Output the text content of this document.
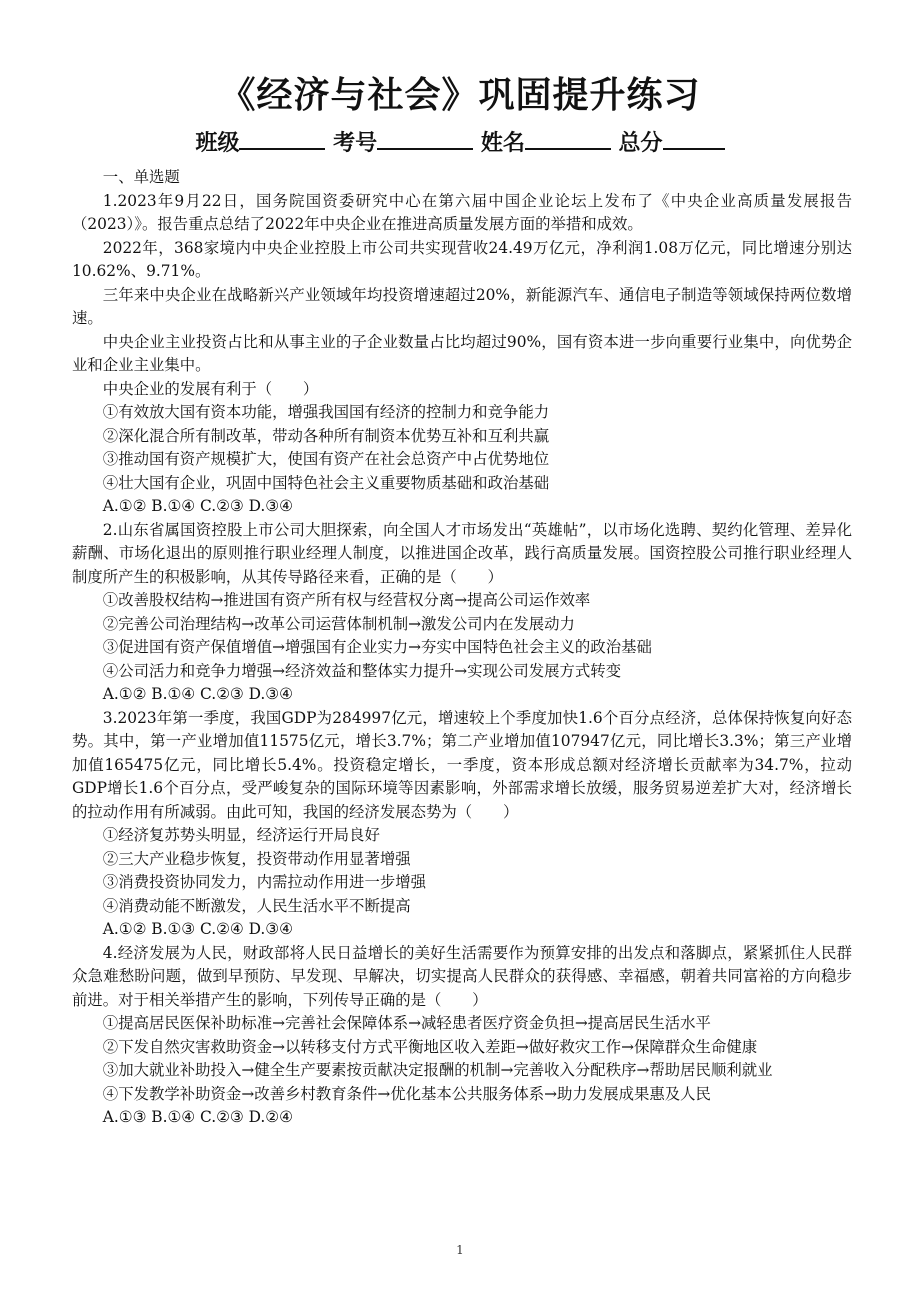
《经济与社会》巩固提升练习
班级	考号	姓名	总分

一、单选题

1.2023年9月22日，国务院国资委研究中心在第六届中国企业论坛上发布了《中央企业高质量发展报告（2023）》。报告重点总结了2022年中央企业在推进高质量发展方面的举措和成效。

2022年，368家境内中央企业控股上市公司共实现营收24.49万亿元，净利润1.08万亿元，同比增速分别达10.62%、9.71%。

三年来中央企业在战略新兴产业领域年均投资增速超过20%，新能源汽车、通信电子制造等领域保持两位数增速。

中央企业主业投资占比和从事主业的子企业数量占比均超过90%，国有资本进一步向重要行业集中，向优势企业和企业主业集中。

中央企业的发展有利于（　　）

①有效放大国有资本功能，增强我国国有经济的控制力和竞争能力

②深化混合所有制改革，带动各种所有制资本优势互补和互利共赢

③推动国有资产规模扩大，使国有资产在社会总资产中占优势地位

④壮大国有企业，巩固中国特色社会主义重要物质基础和政治基础

A.①② B.①④ C.②③ D.③④

2.山东省属国资控股上市公司大胆探索，向全国人才市场发出“英雄帖”，以市场化选聘、契约化管理、差异化薪酬、市场化退出的原则推行职业经理人制度，以推进国企改革，践行高质量发展。国资控股公司推行职业经理人制度所产生的积极影响，从其传导路径来看，正确的是（　　）

①改善股权结构→推进国有资产所有权与经营权分离→提高公司运作效率

②完善公司治理结构→改革公司运营体制机制→激发公司内在发展动力

③促进国有资产保值增值→增强国有企业实力→夯实中国特色社会主义的政治基础

④公司活力和竞争力增强→经济效益和整体实力提升→实现公司发展方式转变

A.①② B.①④ C.②③ D.③④

3.2023年第一季度，我国GDP为284997亿元，增速较上个季度加快1.6个百分点经济，总体保持恢复向好态势。其中，第一产业增加值11575亿元，增长3.7%；第二产业增加值107947亿元，同比增长3.3%；第三产业增加值165475亿元，同比增长5.4%。投资稳定增长，一季度，资本形成总额对经济增长贡献率为34.7%，拉动GDP增长1.6个百分点，受严峻复杂的国际环境等因素影响，外部需求增长放缓，服务贸易逆差扩大对，经济增长的拉动作用有所减弱。由此可知，我国的经济发展态势为（　　）

①经济复苏势头明显，经济运行开局良好

②三大产业稳步恢复，投资带动作用显著增强

③消费投资协同发力，内需拉动作用进一步增强

④消费动能不断激发，人民生活水平不断提高

A.①② B.①③ C.②④ D.③④

4.经济发展为人民，财政部将人民日益增长的美好生活需要作为预算安排的出发点和落脚点，紧紧抓住人民群众急难愁盼问题，做到早预防、早发现、早解决，切实提高人民群众的获得感、幸福感，朝着共同富裕的方向稳步前进。对于相关举措产生的影响，下列传导正确的是（　　）

①提高居民医保补助标准→完善社会保障体系→减轻患者医疗资金负担→提高居民生活水平

②下发自然灾害救助资金→以转移支付方式平衡地区收入差距→做好救灾工作→保障群众生命健康

③加大就业补助投入→健全生产要素按贡献决定报酬的机制→完善收入分配秩序→帮助居民顺利就业

④下发教学补助资金→改善乡村教育条件→优化基本公共服务体系→助力发展成果惠及人民

A.①③ B.①④ C.②③ D.②④

1
